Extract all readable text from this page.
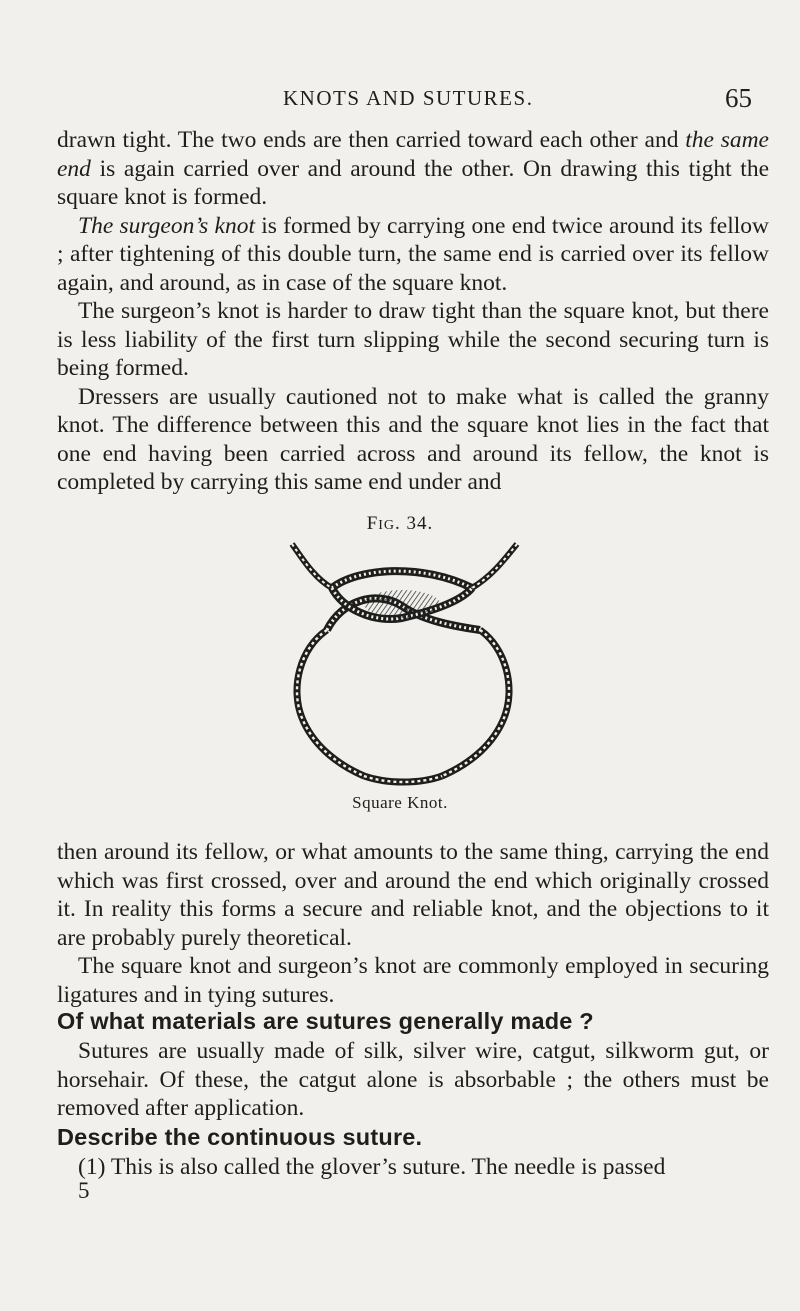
KNOTS AND SUTURES.	65

drawn tight. The two ends are then carried toward each other and the same end is again carried over and around the other. On drawing this tight the square knot is formed.

The surgeon’s knot is formed by carrying one end twice around its fellow ; after tightening of this double turn, the same end is carried over its fellow again, and around, as in case of the square knot.

The surgeon’s knot is harder to draw tight than the square knot, but there is less liability of the first turn slipping while the second securing turn is being formed.

Dressers are usually cautioned not to make what is called the granny knot. The difference between this and the square knot lies in the fact that one end having been carried across and around its fellow, the knot is completed by carrying this same end under and

FIG. 34.
Square Knot.

then around its fellow, or what amounts to the same thing, carrying the end which was first crossed, over and around the end which originally crossed it. In reality this forms a secure and reliable knot, and the objections to it are probably purely theoretical.

The square knot and surgeon’s knot are commonly employed in securing ligatures and in tying sutures.

Of what materials are sutures generally made ?

Sutures are usually made of silk, silver wire, catgut, silkworm gut, or horsehair. Of these, the catgut alone is absorbable ; the others must be removed after application.

Describe the continuous suture.

(1) This is also called the glover’s suture. The needle is passed

5
